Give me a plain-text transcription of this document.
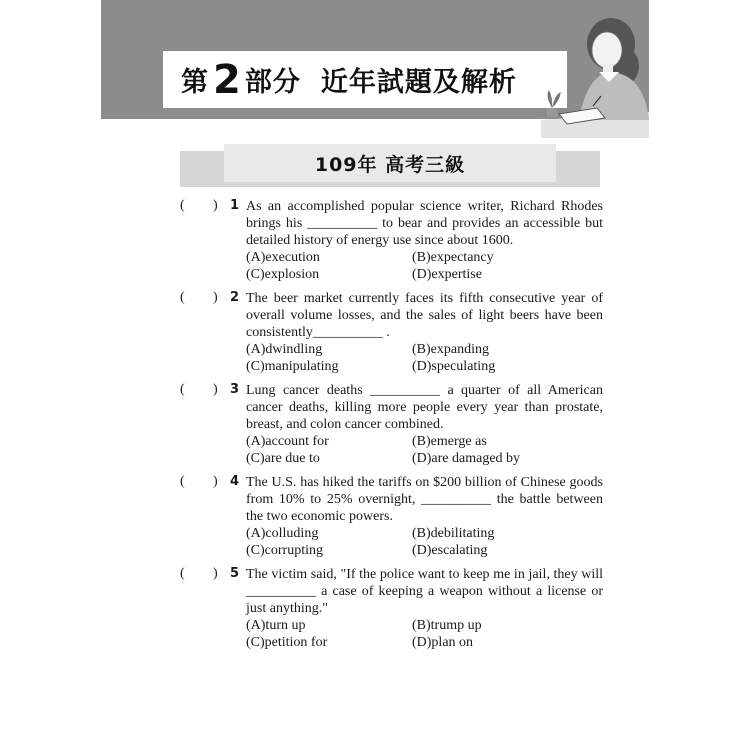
第 2 部分 近年試題及解析
109年 高考三級
( ) 1 As an accomplished popular science writer, Richard Rhodes brings his __________ to bear and provides an accessible but detailed history of energy use since about 1600.
(A)execution	(B)expectancy
(C)explosion	(D)expertise
( ) 2 The beer market currently faces its fifth consecutive year of overall volume losses, and the sales of light beers have been consistently__________ .
(A)dwindling	(B)expanding
(C)manipulating	(D)speculating
( ) 3 Lung cancer deaths __________ a quarter of all American cancer deaths, killing more people every year than prostate, breast, and colon cancer combined.
(A)account for	(B)emerge as
(C)are due to	(D)are damaged by
( ) 4 The U.S. has hiked the tariffs on $200 billion of Chinese goods from 10% to 25% overnight, __________ the battle between the two economic powers.
(A)colluding	(B)debilitating
(C)corrupting	(D)escalating
( ) 5 The victim said, "If the police want to keep me in jail, they will __________ a case of keeping a weapon without a license or just anything."
(A)turn up	(B)trump up
(C)petition for	(D)plan on
